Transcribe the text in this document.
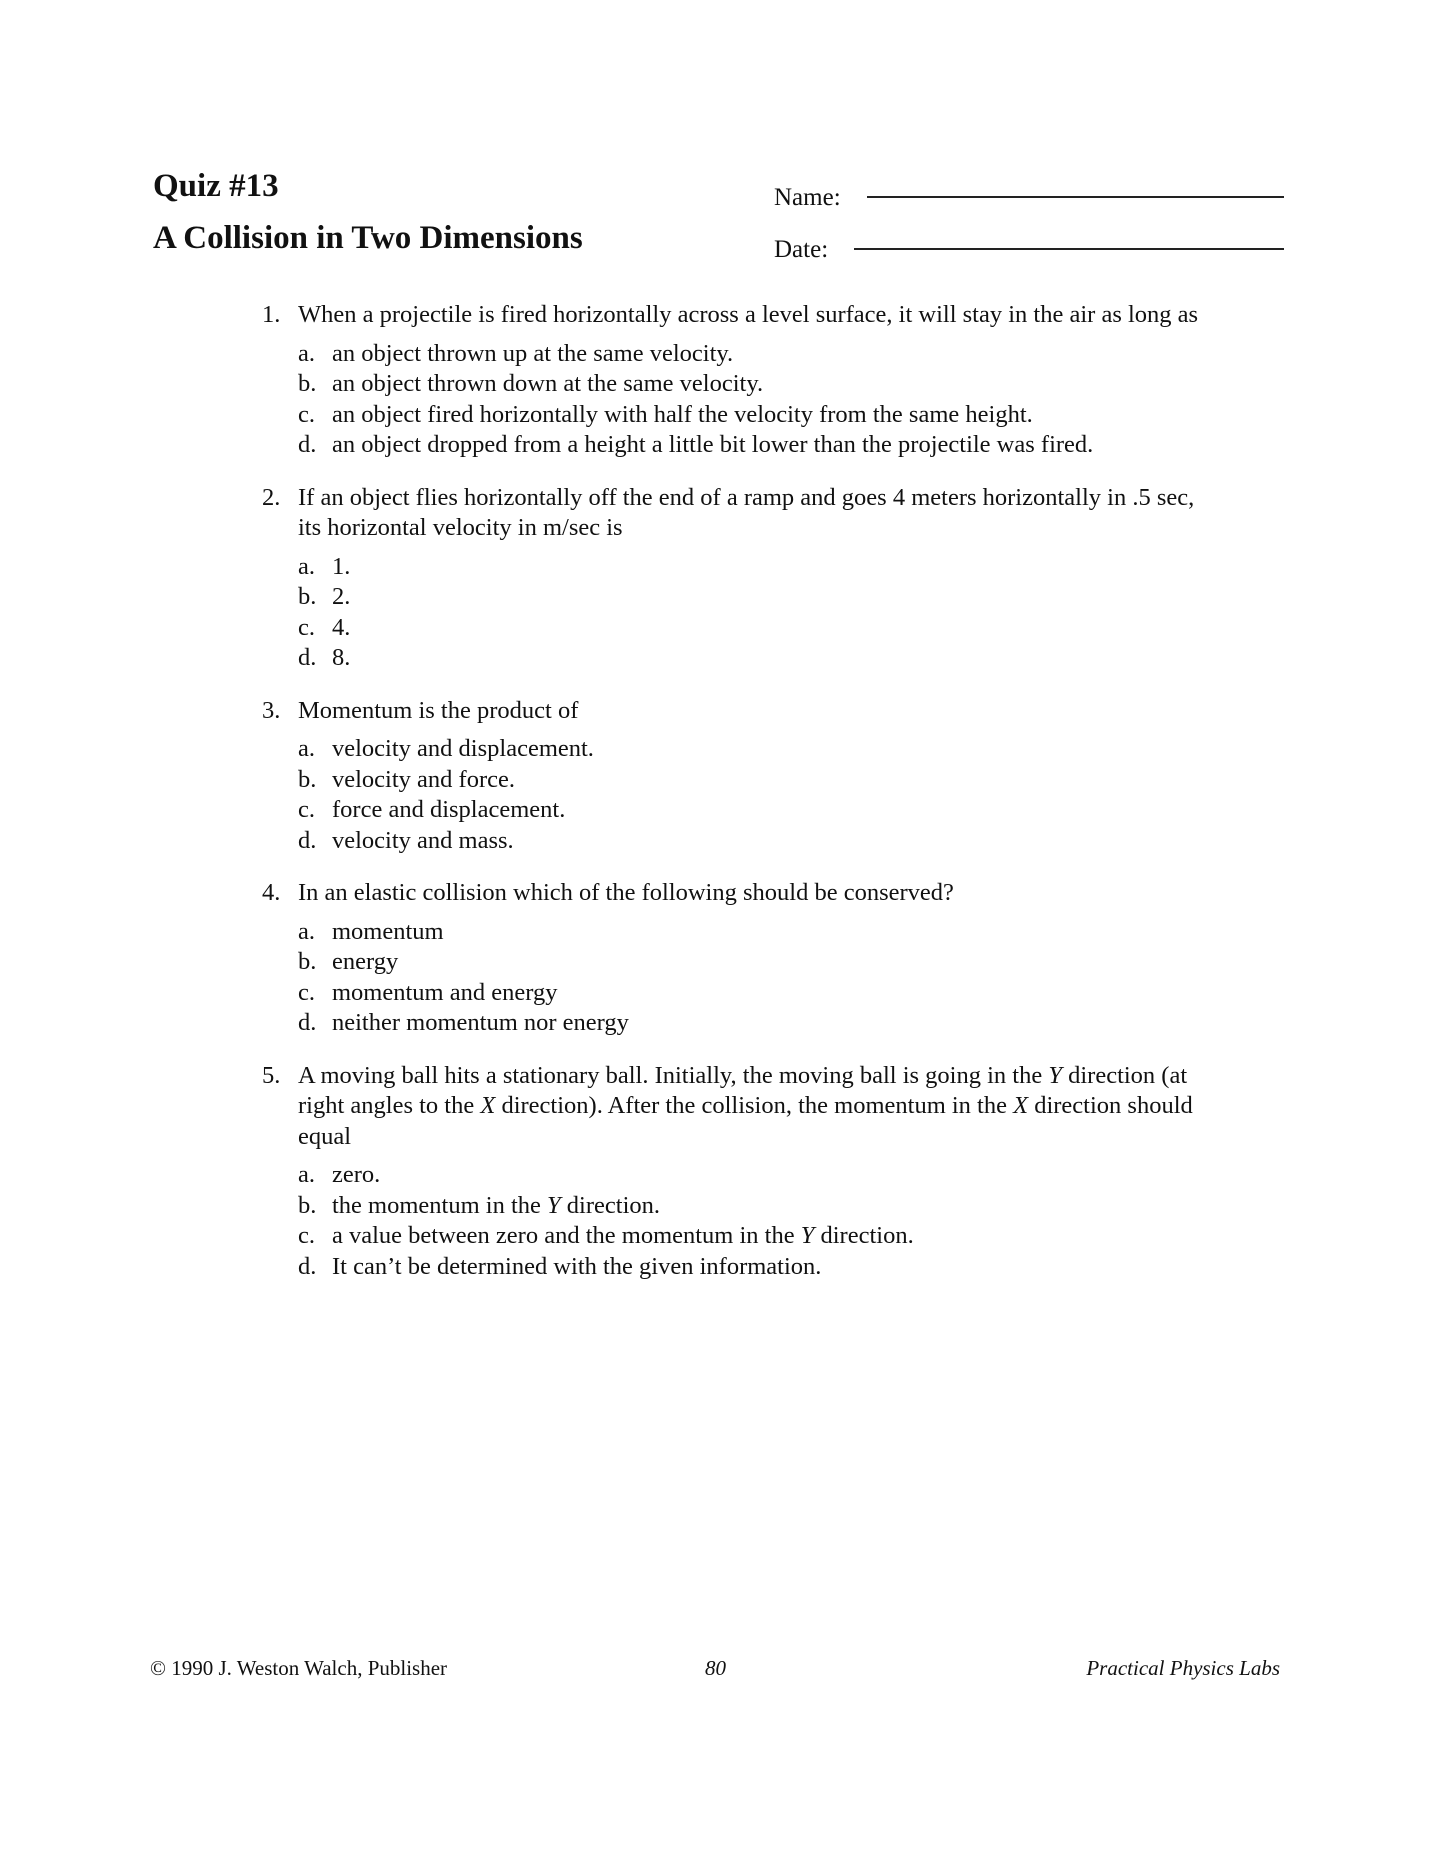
Quiz #13
A Collision in Two Dimensions
Name:
Date:
1. When a projectile is fired horizontally across a level surface, it will stay in the air as long as
a. an object thrown up at the same velocity.
b. an object thrown down at the same velocity.
c. an object fired horizontally with half the velocity from the same height.
d. an object dropped from a height a little bit lower than the projectile was fired.
2. If an object flies horizontally off the end of a ramp and goes 4 meters horizontally in .5 sec, its horizontal velocity in m/sec is
a. 1.
b. 2.
c. 4.
d. 8.
3. Momentum is the product of
a. velocity and displacement.
b. velocity and force.
c. force and displacement.
d. velocity and mass.
4. In an elastic collision which of the following should be conserved?
a. momentum
b. energy
c. momentum and energy
d. neither momentum nor energy
5. A moving ball hits a stationary ball. Initially, the moving ball is going in the Y direction (at right angles to the X direction). After the collision, the momentum in the X direction should equal
a. zero.
b. the momentum in the Y direction.
c. a value between zero and the momentum in the Y direction.
d. It can’t be determined with the given information.
© 1990 J. Weston Walch, Publisher	80	Practical Physics Labs
